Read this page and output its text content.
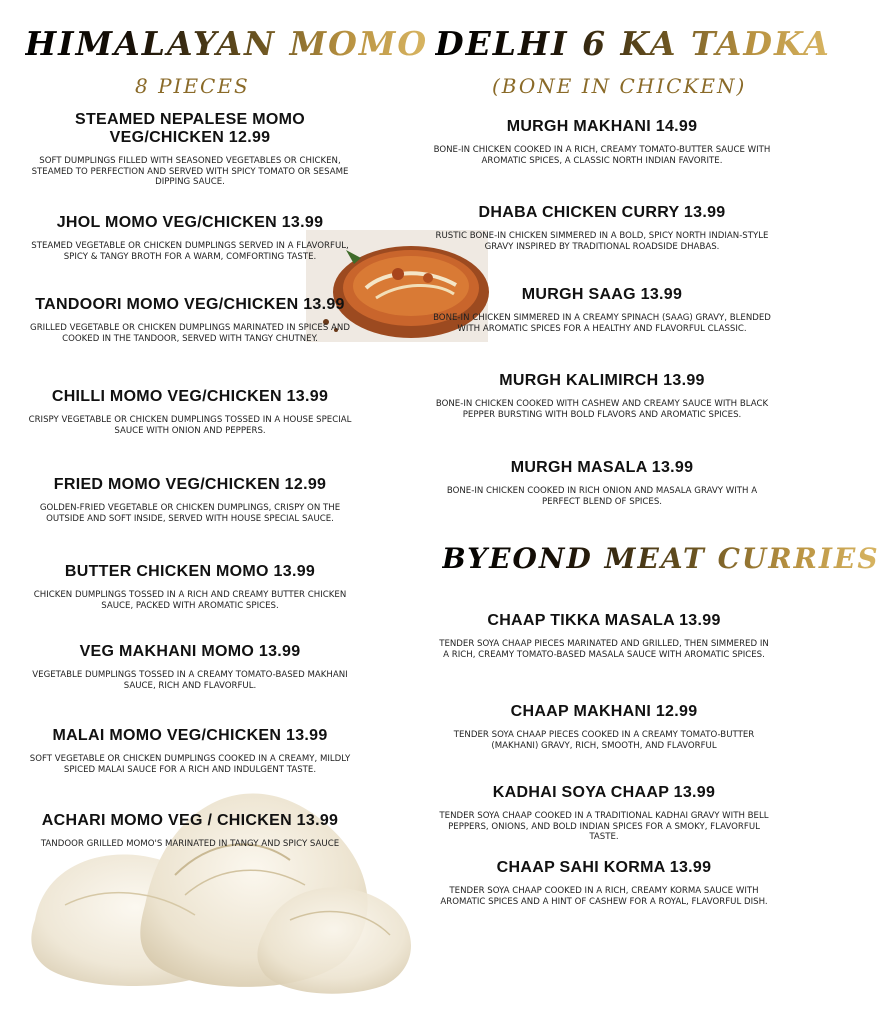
HIMALAYAN MOMO
8 PIECES
STEAMED NEPALESE MOMO VEG/CHICKEN 12.99

SOFT DUMPLINGS FILLED WITH SEASONED VEGETABLES OR CHICKEN, STEAMED TO PERFECTION AND SERVED WITH SPICY TOMATO OR SESAME DIPPING SAUCE.

JHOL MOMO VEG/CHICKEN 13.99

STEAMED VEGETABLE OR CHICKEN DUMPLINGS SERVED IN A FLAVORFUL, SPICY & TANGY BROTH FOR A WARM, COMFORTING TASTE.

TANDOORI MOMO VEG/CHICKEN 13.99

GRILLED VEGETABLE OR CHICKEN DUMPLINGS MARINATED IN SPICES AND COOKED IN THE TANDOOR, SERVED WITH TANGY CHUTNEY.

CHILLI MOMO VEG/CHICKEN 13.99

CRISPY VEGETABLE OR CHICKEN DUMPLINGS TOSSED IN A HOUSE SPECIAL SAUCE WITH ONION AND PEPPERS.

FRIED MOMO VEG/CHICKEN 12.99

GOLDEN-FRIED VEGETABLE OR CHICKEN DUMPLINGS, CRISPY ON THE OUTSIDE AND SOFT INSIDE, SERVED WITH HOUSE SPECIAL SAUCE.

BUTTER CHICKEN MOMO 13.99

CHICKEN DUMPLINGS TOSSED IN A RICH AND CREAMY BUTTER CHICKEN SAUCE, PACKED WITH AROMATIC SPICES.

VEG MAKHANI MOMO 13.99

VEGETABLE DUMPLINGS TOSSED IN A CREAMY TOMATO-BASED MAKHANI SAUCE, RICH AND FLAVORFUL.

MALAI MOMO VEG/CHICKEN 13.99

SOFT VEGETABLE OR CHICKEN DUMPLINGS COOKED IN A CREAMY, MILDLY SPICED MALAI SAUCE FOR A RICH AND INDULGENT TASTE.

ACHARI MOMO VEG / CHICKEN 13.99

TANDOOR GRILLED MOMO'S MARINATED IN TANGY AND SPICY SAUCE

DELHI 6 KA TADKA
(BONE IN CHICKEN)
MURGH MAKHANI 14.99

BONE-IN CHICKEN COOKED IN A RICH, CREAMY TOMATO-BUTTER SAUCE WITH AROMATIC SPICES, A CLASSIC NORTH INDIAN FAVORITE.

DHABA CHICKEN CURRY 13.99

RUSTIC BONE-IN CHICKEN SIMMERED IN A BOLD, SPICY NORTH INDIAN-STYLE GRAVY INSPIRED BY TRADITIONAL ROADSIDE DHABAS.

MURGH SAAG 13.99

BONE-IN CHICKEN SIMMERED IN A CREAMY SPINACH (SAAG) GRAVY, BLENDED WITH AROMATIC SPICES FOR A HEALTHY AND FLAVORFUL CLASSIC.

MURGH KALIMIRCH 13.99

BONE-IN CHICKEN COOKED WITH CASHEW AND CREAMY SAUCE WITH BLACK PEPPER BURSTING WITH BOLD FLAVORS AND AROMATIC SPICES.

MURGH MASALA 13.99

BONE-IN CHICKEN COOKED IN RICH ONION AND MASALA GRAVY WITH A PERFECT BLEND OF SPICES.

BYEOND MEAT CURRIES
CHAAP TIKKA MASALA 13.99

TENDER SOYA CHAAP PIECES MARINATED AND GRILLED, THEN SIMMERED IN A RICH, CREAMY TOMATO-BASED MASALA SAUCE WITH AROMATIC SPICES.

CHAAP MAKHANI 12.99

TENDER SOYA CHAAP PIECES COOKED IN A CREAMY TOMATO-BUTTER (MAKHANI) GRAVY, RICH, SMOOTH, AND FLAVORFUL

KADHAI SOYA CHAAP 13.99

TENDER SOYA CHAAP COOKED IN A TRADITIONAL KADHAI GRAVY WITH BELL PEPPERS, ONIONS, AND BOLD INDIAN SPICES FOR A SMOKY, FLAVORFUL TASTE.

CHAAP SAHI KORMA 13.99

TENDER SOYA CHAAP COOKED IN A RICH, CREAMY KORMA SAUCE WITH AROMATIC SPICES AND A HINT OF CASHEW FOR A ROYAL, FLAVORFUL DISH.
